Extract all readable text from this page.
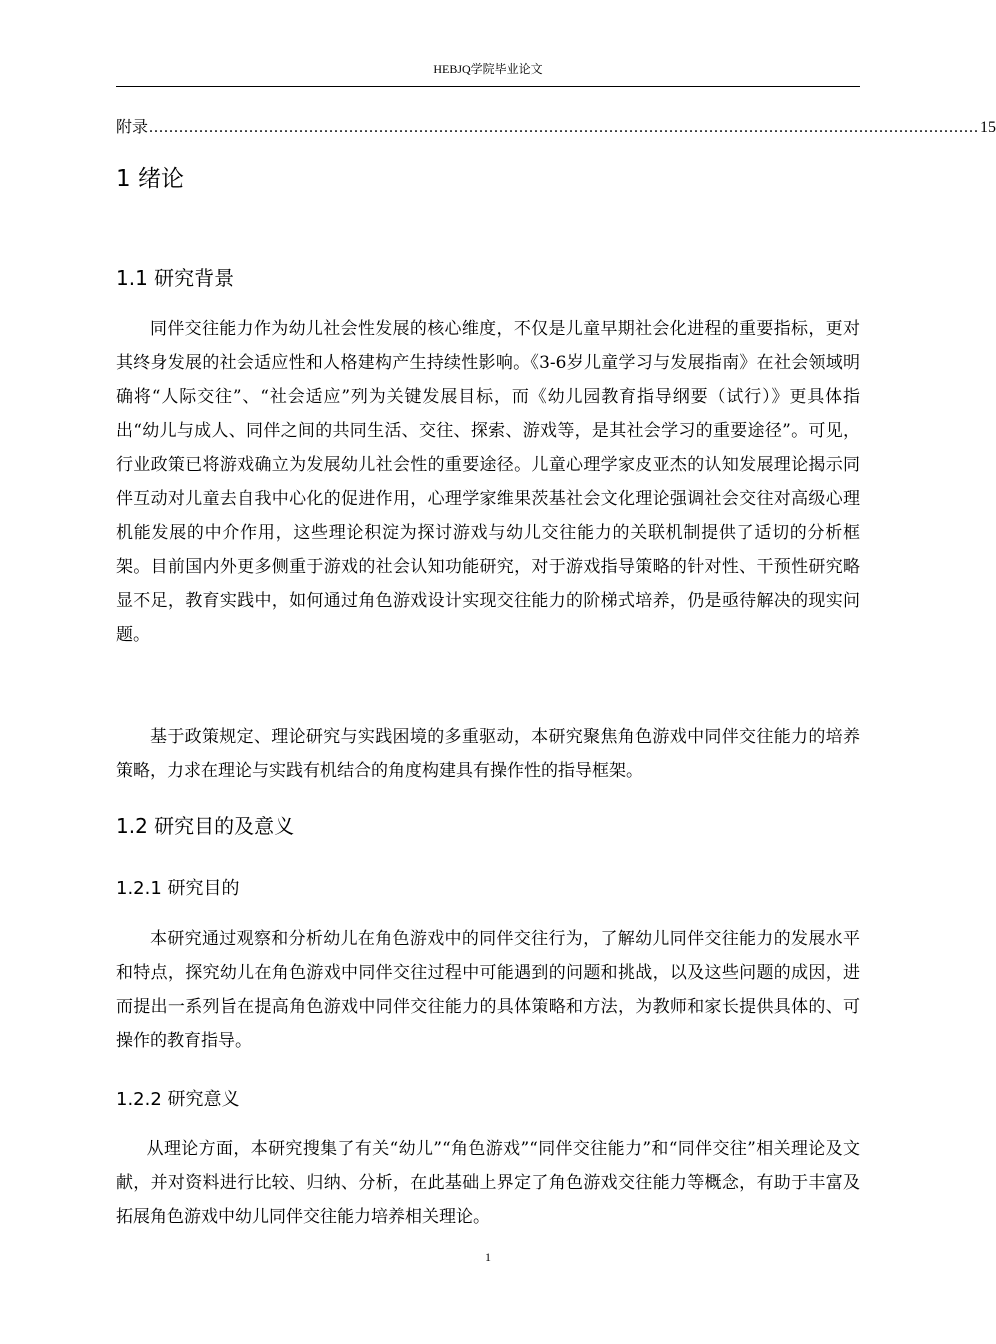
HEBJQ学院毕业论文
附录 ...................................................................................................................................................................... 15
1 绪论
1.1 研究背景

同伴交往能力作为幼儿社会性发展的核心维度，不仅是儿童早期社会化进程的重要指标，更对其终身发展的社会适应性和人格建构产生持续性影响。《3-6岁儿童学习与发展指南》在社会领域明确将“人际交往”、“社会适应”列为关键发展目标，而《幼儿园教育指导纲要（试行）》更具体指出“幼儿与成人、同伴之间的共同生活、交往、探索、游戏等，是其社会学习的重要途径”。可见，行业政策已将游戏确立为发展幼儿社会性的重要途径。儿童心理学家皮亚杰的认知发展理论揭示同伴互动对儿童去自我中心化的促进作用，心理学家维果茨基社会文化理论强调社会交往对高级心理机能发展的中介作用，这些理论积淀为探讨游戏与幼儿交往能力的关联机制提供了适切的分析框架。目前国内外更多侧重于游戏的社会认知功能研究，对于游戏指导策略的针对性、干预性研究略显不足，教育实践中，如何通过角色游戏设计实现交往能力的阶梯式培养，仍是亟待解决的现实问题。

基于政策规定、理论研究与实践困境的多重驱动，本研究聚焦角色游戏中同伴交往能力的培养策略，力求在理论与实践有机结合的角度构建具有操作性的指导框架。

1.2 研究目的及意义
1.2.1 研究目的

本研究通过观察和分析幼儿在角色游戏中的同伴交往行为，了解幼儿同伴交往能力的发展水平和特点，探究幼儿在角色游戏中同伴交往过程中可能遇到的问题和挑战，以及这些问题的成因，进而提出一系列旨在提高角色游戏中同伴交往能力的具体策略和方法，为教师和家长提供具体的、可操作的教育指导。

1.2.2 研究意义

从理论方面，本研究搜集了有关“幼儿”“角色游戏”“同伴交往能力”和“同伴交往”相关理论及文献，并对资料进行比较、归纳、分析，在此基础上界定了角色游戏交往能力等概念，有助于丰富及拓展角色游戏中幼儿同伴交往能力培养相关理论。

1
